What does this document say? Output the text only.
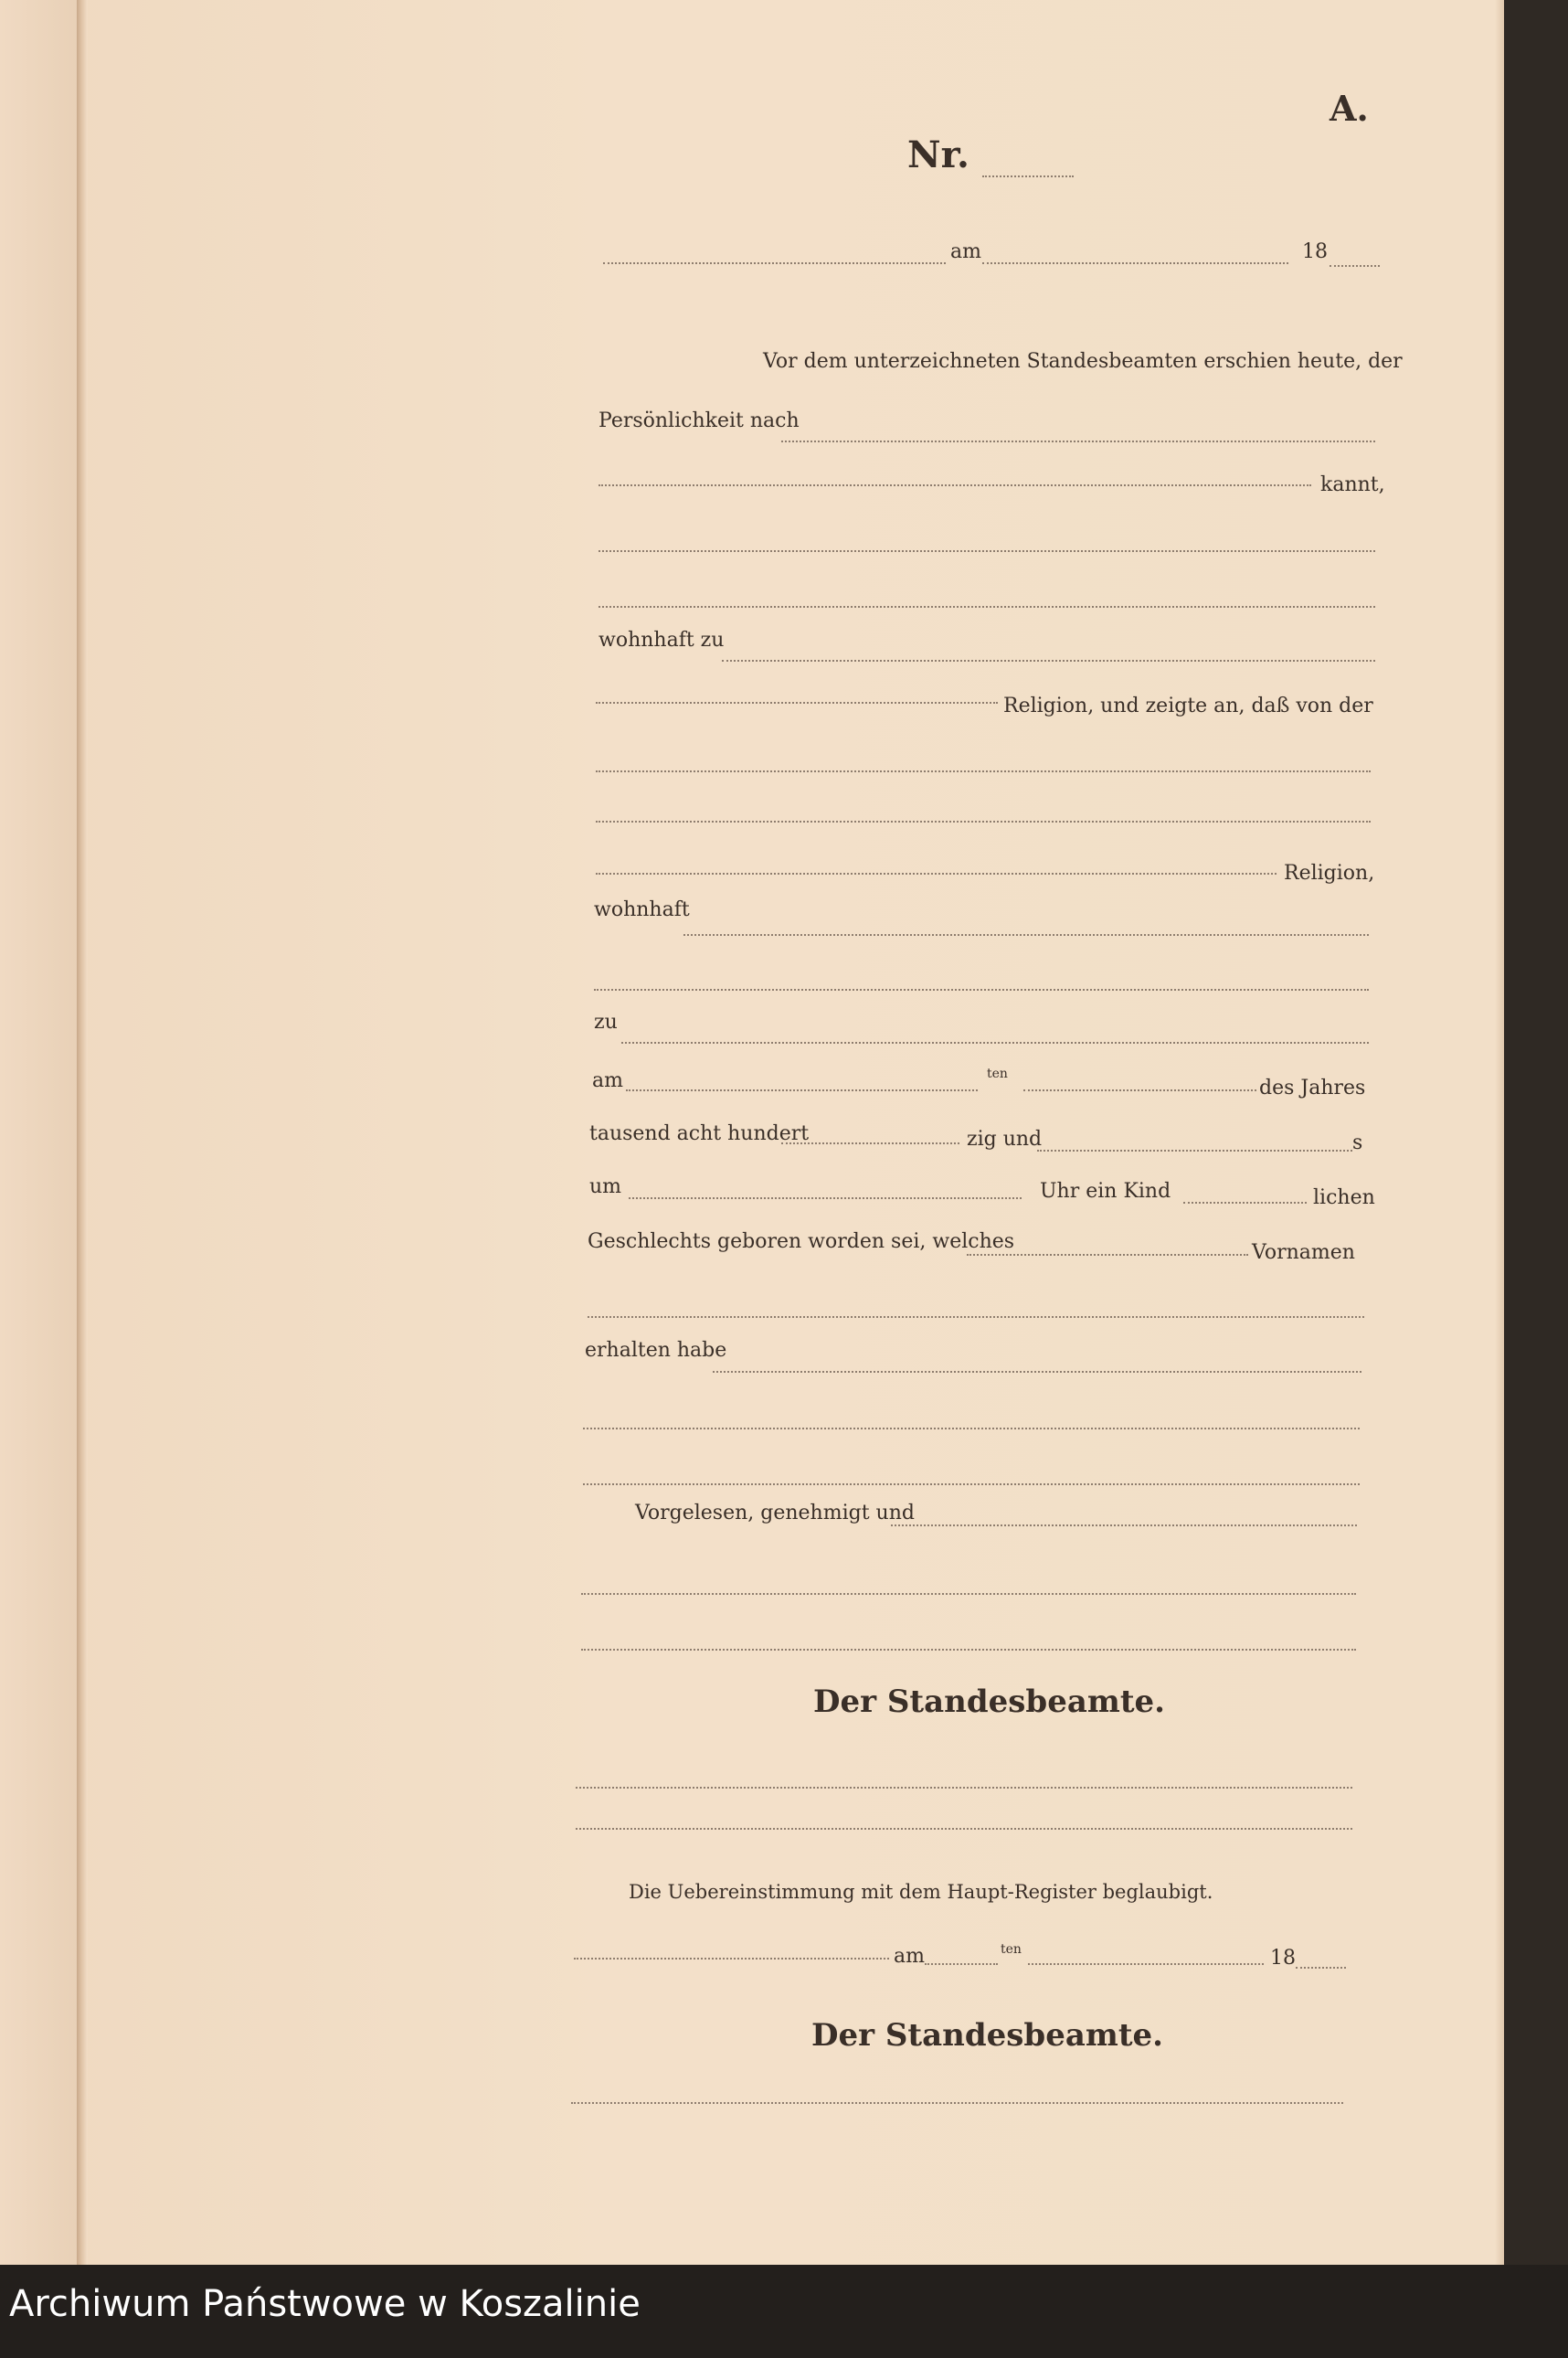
A.
Nr.
am	18
Vor dem unterzeichneten Standesbeamten erschien heute, der
Persönlichkeit nach
kannt,
wohnhaft zu
Religion, und zeigte an, daß von der
Religion,
wohnhaft
zu
am	ten
des Jahres
tausend acht hundert	zig und	s
um	Uhr ein Kind	lichen
Geschlechts geboren worden sei, welches	Vornamen
erhalten habe
Vorgelesen, genehmigt und
Der Standesbeamte.
Die Uebereinstimmung mit dem Haupt-Register beglaubigt.
am	ten	18
Der Standesbeamte.
Archiwum Państwowe w Koszalinie
